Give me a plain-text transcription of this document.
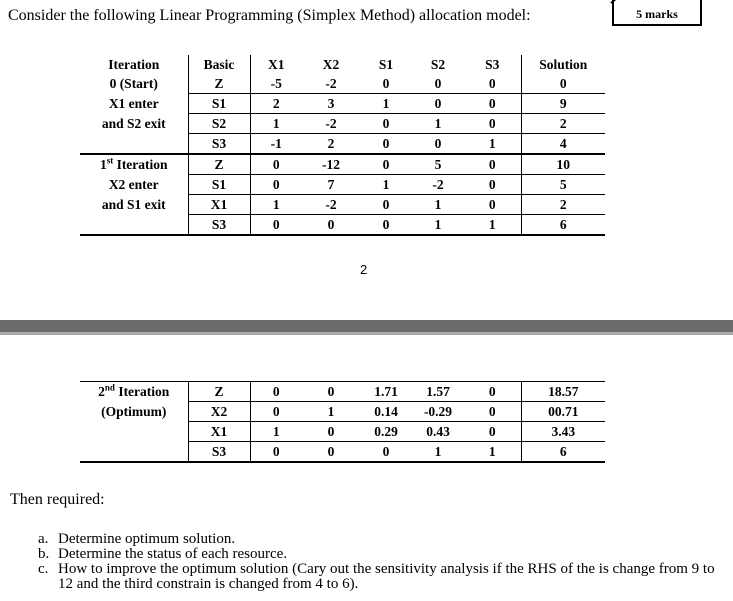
Consider the following Linear Programming (Simplex Method) allocation model:	5 marks
Iteration	Basic	X1	X2	S1	S2	S3	Solution
0 (Start)	Z	-5	-2	0	0	0	0
X1 enter	S1	2	3	1	0	0	9
and S2 exit	S2	1	-2	0	1	0	2
	S3	-1	2	0	0	1	4
1st Iteration	Z	0	-12	0	5	0	10
X2 enter	S1	0	7	1	-2	0	5
and S1 exit	X1	1	-2	0	1	0	2
	S3	0	0	0	1	1	6
2
2nd Iteration	Z	0	0	1.71	1.57	0	18.57
(Optimum)	X2	0	1	0.14	-0.29	0	00.71
	X1	1	0	0.29	0.43	0	3.43
	S3	0	0	0	1	1	6
Then required:
a. Determine optimum solution.
b. Determine the status of each resource.
c. How to improve the optimum solution (Cary out the sensitivity analysis if the RHS of the is change from 9 to 12 and the third constrain is changed from 4 to 6).
